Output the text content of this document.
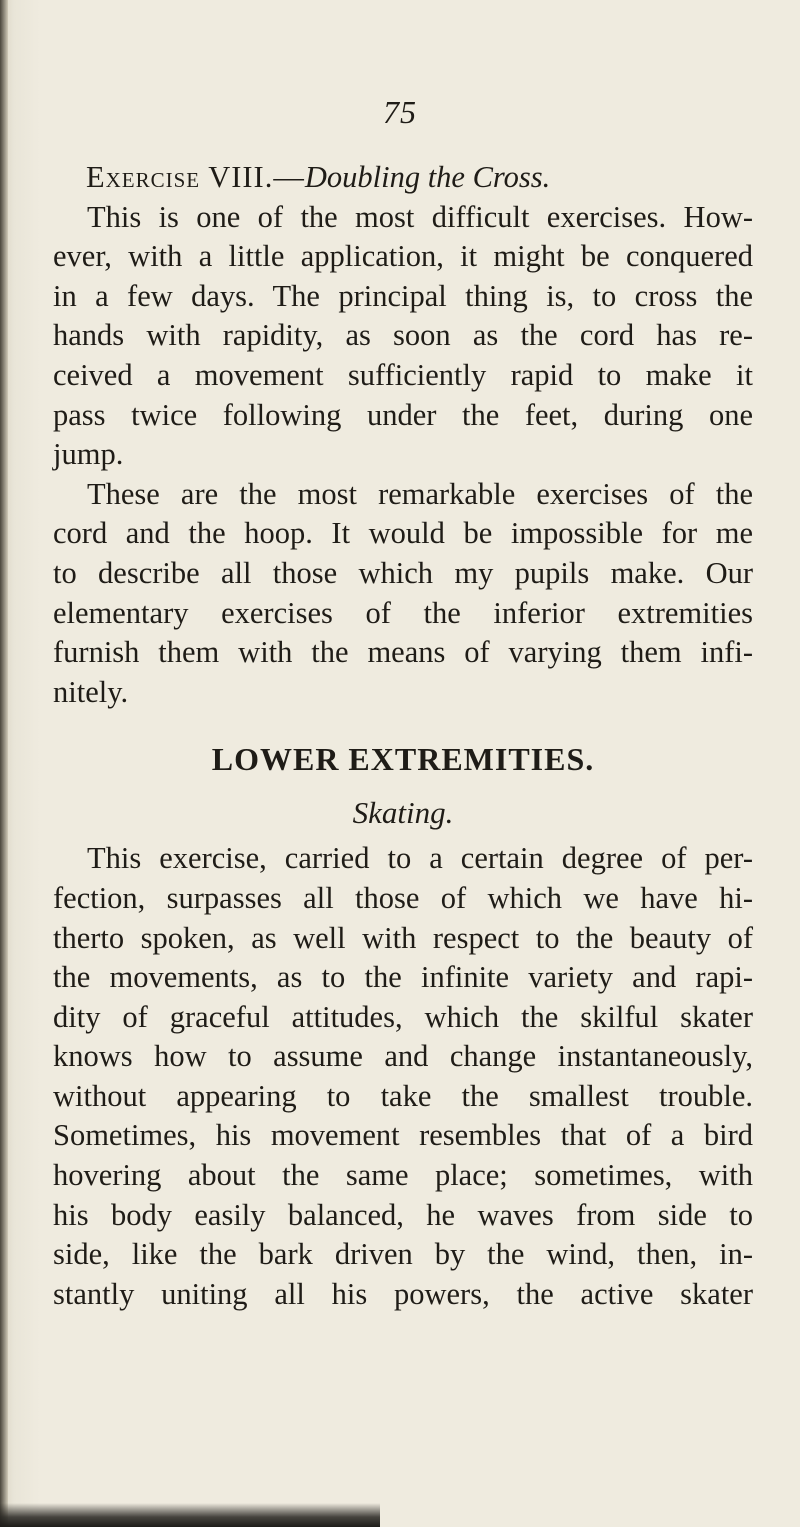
75
Exercise VIII.—Doubling the Cross.
This is one of the most difficult exercises. How-
ever, with a little application, it might be conquered
in a few days. The principal thing is, to cross the
hands with rapidity, as soon as the cord has re-
ceived a movement sufficiently rapid to make it
pass twice following under the feet, during one
jump.
These are the most remarkable exercises of the
cord and the hoop. It would be impossible for me
to describe all those which my pupils make. Our
elementary exercises of the inferior extremities
furnish them with the means of varying them infi-
nitely.
LOWER EXTREMITIES.
Skating.
This exercise, carried to a certain degree of per-
fection, surpasses all those of which we have hi-
therto spoken, as well with respect to the beauty of
the movements, as to the infinite variety and rapi-
dity of graceful attitudes, which the skilful skater
knows how to assume and change instantaneously,
without appearing to take the smallest trouble.
Sometimes, his movement resembles that of a bird
hovering about the same place; sometimes, with
his body easily balanced, he waves from side to
side, like the bark driven by the wind, then, in-
stantly uniting all his powers, the active skater
